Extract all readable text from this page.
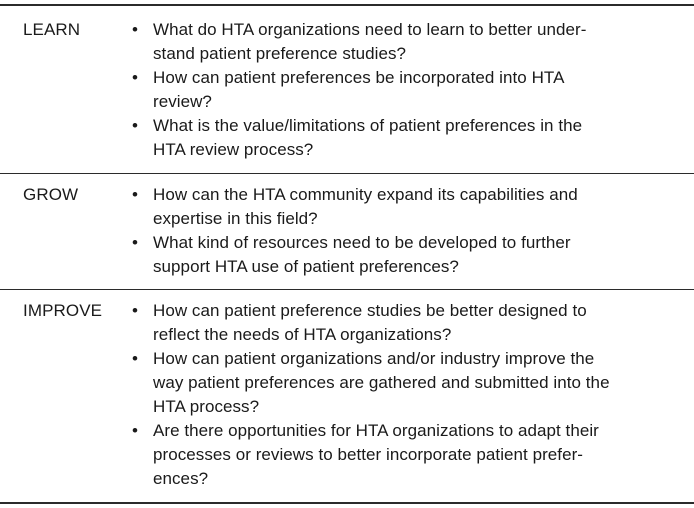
LEARN	• What do HTA organizations need to learn to better under-
stand patient preference studies?
• How can patient preferences be incorporated into HTA
review?
• What is the value/limitations of patient preferences in the
HTA review process?
GROW	• How can the HTA community expand its capabilities and
expertise in this field?
• What kind of resources need to be developed to further
support HTA use of patient preferences?
IMPROVE • How can patient preference studies be better designed to
reflect the needs of HTA organizations?
• How can patient organizations and/or industry improve the
way patient preferences are gathered and submitted into the
HTA process?
• Are there opportunities for HTA organizations to adapt their
processes or reviews to better incorporate patient prefer-
ences?
